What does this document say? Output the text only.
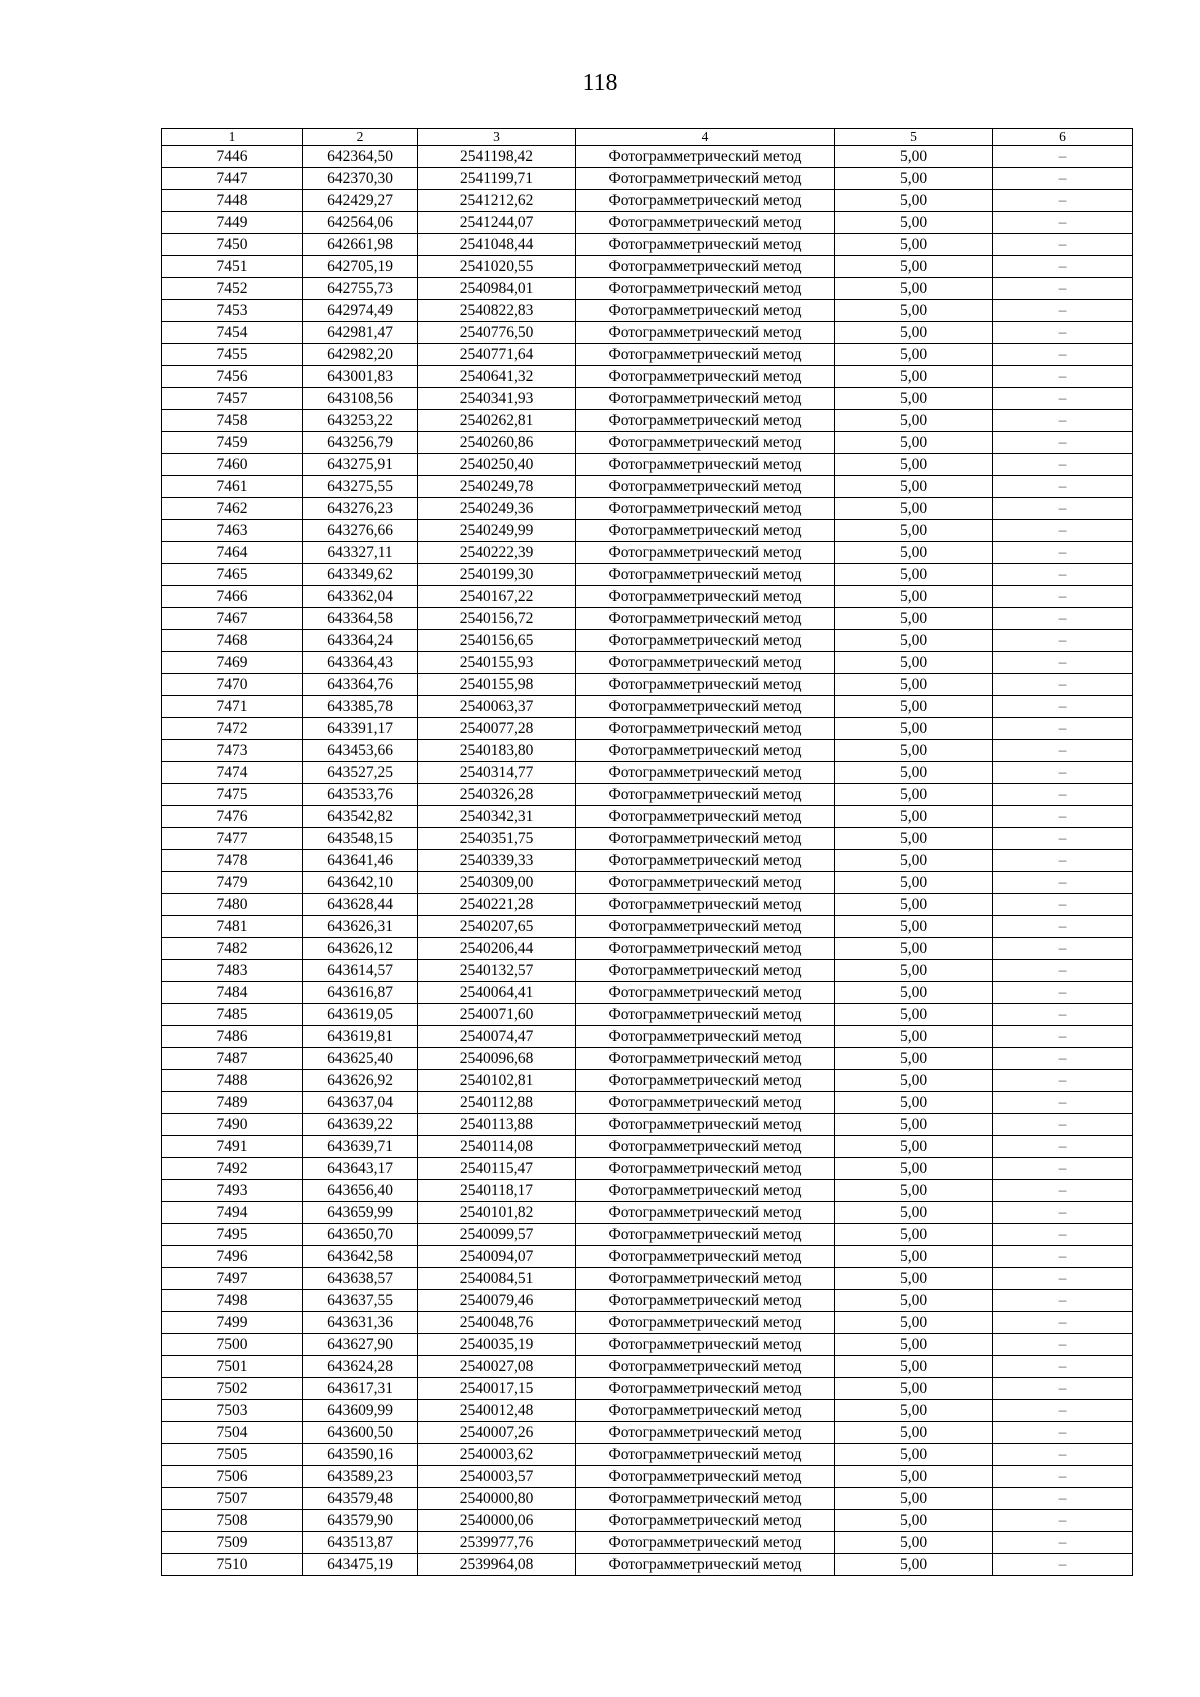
118
1	2	3	4	5	6
7446	642364,50	2541198,42	Фотограмметрический метод	5,00	–
7447	642370,30	2541199,71	Фотограмметрический метод	5,00	–
7448	642429,27	2541212,62	Фотограмметрический метод	5,00	–
7449	642564,06	2541244,07	Фотограмметрический метод	5,00	–
7450	642661,98	2541048,44	Фотограмметрический метод	5,00	–
7451	642705,19	2541020,55	Фотограмметрический метод	5,00	–
7452	642755,73	2540984,01	Фотограмметрический метод	5,00	–
7453	642974,49	2540822,83	Фотограмметрический метод	5,00	–
7454	642981,47	2540776,50	Фотограмметрический метод	5,00	–
7455	642982,20	2540771,64	Фотограмметрический метод	5,00	–
7456	643001,83	2540641,32	Фотограмметрический метод	5,00	–
7457	643108,56	2540341,93	Фотограмметрический метод	5,00	–
7458	643253,22	2540262,81	Фотограмметрический метод	5,00	–
7459	643256,79	2540260,86	Фотограмметрический метод	5,00	–
7460	643275,91	2540250,40	Фотограмметрический метод	5,00	–
7461	643275,55	2540249,78	Фотограмметрический метод	5,00	–
7462	643276,23	2540249,36	Фотограмметрический метод	5,00	–
7463	643276,66	2540249,99	Фотограмметрический метод	5,00	–
7464	643327,11	2540222,39	Фотограмметрический метод	5,00	–
7465	643349,62	2540199,30	Фотограмметрический метод	5,00	–
7466	643362,04	2540167,22	Фотограмметрический метод	5,00	–
7467	643364,58	2540156,72	Фотограмметрический метод	5,00	–
7468	643364,24	2540156,65	Фотограмметрический метод	5,00	–
7469	643364,43	2540155,93	Фотограмметрический метод	5,00	–
7470	643364,76	2540155,98	Фотограмметрический метод	5,00	–
7471	643385,78	2540063,37	Фотограмметрический метод	5,00	–
7472	643391,17	2540077,28	Фотограмметрический метод	5,00	–
7473	643453,66	2540183,80	Фотограмметрический метод	5,00	–
7474	643527,25	2540314,77	Фотограмметрический метод	5,00	–
7475	643533,76	2540326,28	Фотограмметрический метод	5,00	–
7476	643542,82	2540342,31	Фотограмметрический метод	5,00	–
7477	643548,15	2540351,75	Фотограмметрический метод	5,00	–
7478	643641,46	2540339,33	Фотограмметрический метод	5,00	–
7479	643642,10	2540309,00	Фотограмметрический метод	5,00	–
7480	643628,44	2540221,28	Фотограмметрический метод	5,00	–
7481	643626,31	2540207,65	Фотограмметрический метод	5,00	–
7482	643626,12	2540206,44	Фотограмметрический метод	5,00	–
7483	643614,57	2540132,57	Фотограмметрический метод	5,00	–
7484	643616,87	2540064,41	Фотограмметрический метод	5,00	–
7485	643619,05	2540071,60	Фотограмметрический метод	5,00	–
7486	643619,81	2540074,47	Фотограмметрический метод	5,00	–
7487	643625,40	2540096,68	Фотограмметрический метод	5,00	–
7488	643626,92	2540102,81	Фотограмметрический метод	5,00	–
7489	643637,04	2540112,88	Фотограмметрический метод	5,00	–
7490	643639,22	2540113,88	Фотограмметрический метод	5,00	–
7491	643639,71	2540114,08	Фотограмметрический метод	5,00	–
7492	643643,17	2540115,47	Фотограмметрический метод	5,00	–
7493	643656,40	2540118,17	Фотограмметрический метод	5,00	–
7494	643659,99	2540101,82	Фотограмметрический метод	5,00	–
7495	643650,70	2540099,57	Фотограмметрический метод	5,00	–
7496	643642,58	2540094,07	Фотограмметрический метод	5,00	–
7497	643638,57	2540084,51	Фотограмметрический метод	5,00	–
7498	643637,55	2540079,46	Фотограмметрический метод	5,00	–
7499	643631,36	2540048,76	Фотограмметрический метод	5,00	–
7500	643627,90	2540035,19	Фотограмметрический метод	5,00	–
7501	643624,28	2540027,08	Фотограмметрический метод	5,00	–
7502	643617,31	2540017,15	Фотограмметрический метод	5,00	–
7503	643609,99	2540012,48	Фотограмметрический метод	5,00	–
7504	643600,50	2540007,26	Фотограмметрический метод	5,00	–
7505	643590,16	2540003,62	Фотограмметрический метод	5,00	–
7506	643589,23	2540003,57	Фотограмметрический метод	5,00	–
7507	643579,48	2540000,80	Фотограмметрический метод	5,00	–
7508	643579,90	2540000,06	Фотограмметрический метод	5,00	–
7509	643513,87	2539977,76	Фотограмметрический метод	5,00	–
7510	643475,19	2539964,08	Фотограмметрический метод	5,00	–
